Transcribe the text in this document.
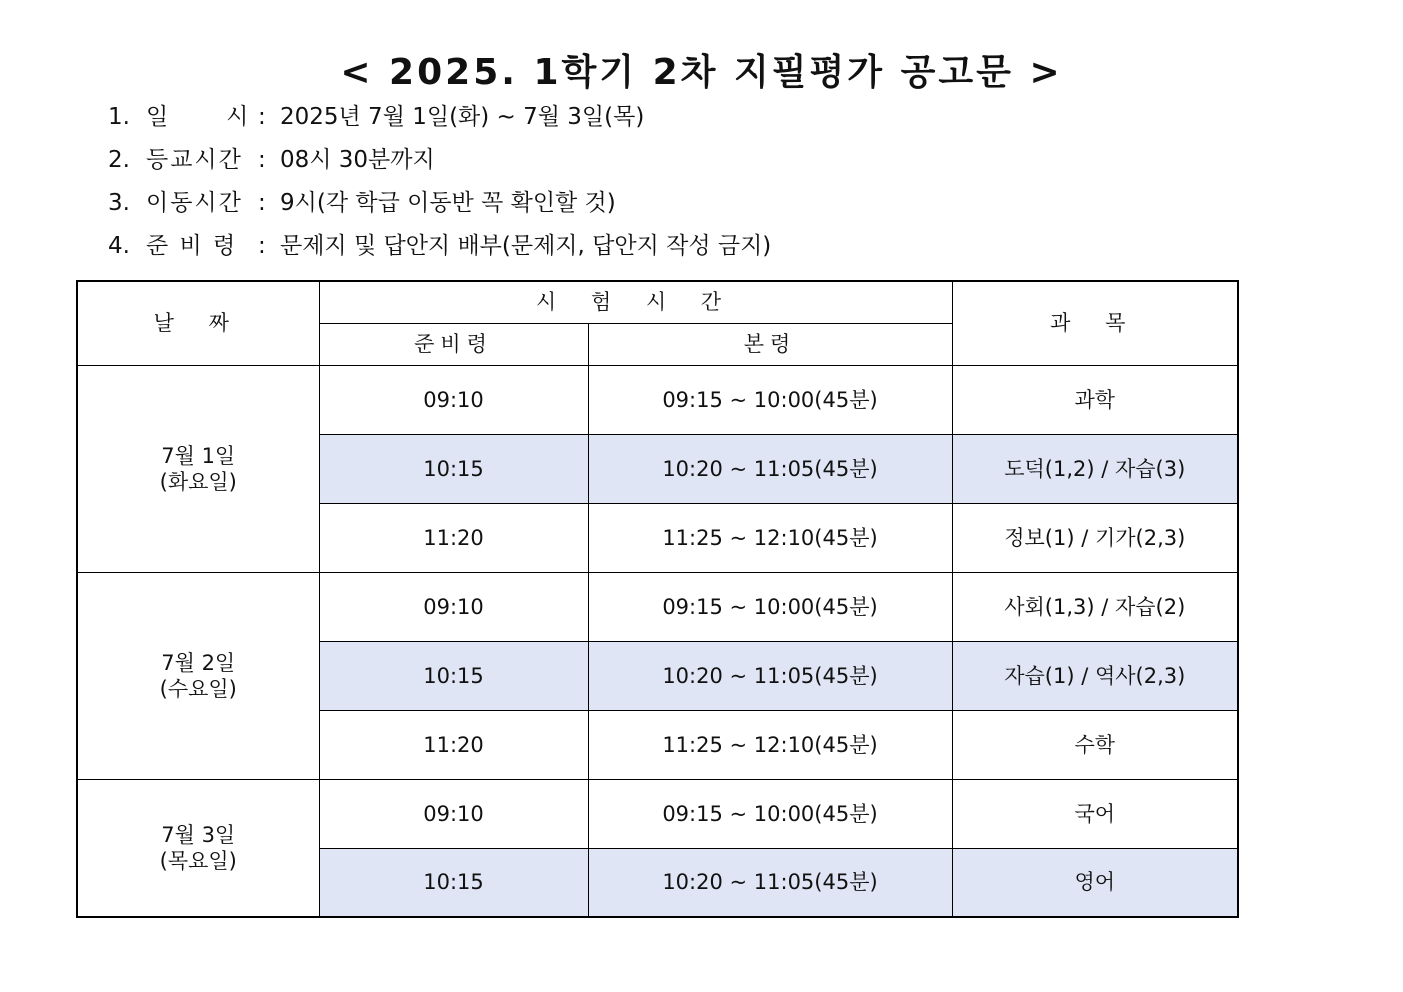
< 2025. 1학기 2차 지필평가 공고문 >
1. 일      시 : 2025년 7월 1일(화) ~ 7월 3일(목)
2. 등교시간 : 08시 30분까지
3. 이동시간 : 9시(각 학급 이동반 꼭 확인할 것)
4. 준 비 령 : 문제지 및 답안지 배부(문제지, 답안지 작성 금지)
날 짜	시 험 시 간		과 목
	준비령	본령	

7월 1일
(화요일)	09:10	09:15 ~ 10:00(45분)	과학
	10:15	10:20 ~ 11:05(45분)	도덕(1,2) / 자습(3)
	11:20	11:25 ~ 12:10(45분)	정보(1) / 기가(2,3)

7월 2일
(수요일)	09:10	09:15 ~ 10:00(45분)	사회(1,3) / 자습(2)
	10:15	10:20 ~ 11:05(45분)	자습(1) / 역사(2,3)
	11:20	11:25 ~ 12:10(45분)	수학

7월 3일
(목요일)	09:10	09:15 ~ 10:00(45분)	국어
	10:15	10:20 ~ 11:05(45분)	영어
